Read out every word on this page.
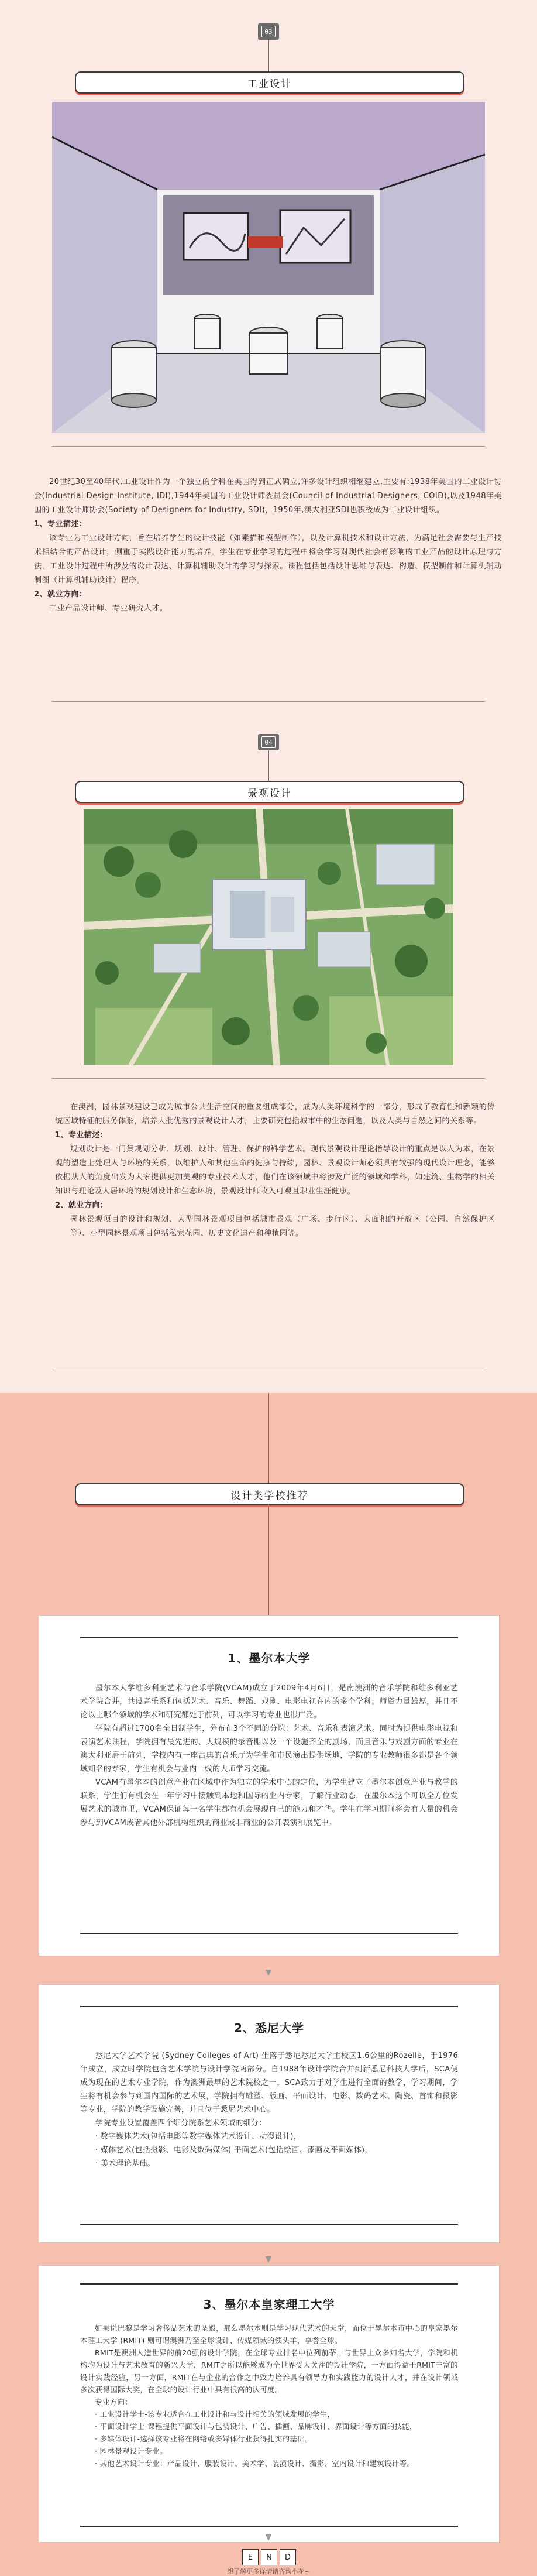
03
工业设计

20世纪30至40年代,工业设计作为一个独立的学科在美国得到正式确立,许多设计组织相继建立,主要有:1938年美国的工业设计协会(Industrial Design Institute, IDI),1944年美国的工业设计师委员会(Council of Industrial Designers, COID),以及1948年美国的工业设计师协会(Society of Designers for Industry, SDI)，1950年,澳大利亚SDI也积极成为工业设计组织。

1、专业描述：

该专业为工业设计方向，旨在培养学生的设计技能（如素描和模型制作），以及计算机技术和设计方法，为满足社会需要与生产技术相结合的产品设计，侧重于实践设计能力的培养。学生在专业学习的过程中将会学习对现代社会有影响的工业产品的设计原理与方法，工业设计过程中所涉及的设计表达、计算机辅助设计的学习与探索。课程包括包括设计思维与表达、构造、模型制作和计算机辅助制图（计算机辅助设计）程序。

2、就业方向：

工业产品设计师、专业研究人才。

04
景观设计

在澳洲，园林景观建设已成为城市公共生活空间的重要组成部分，成为人类环境科学的一部分，形成了教育性和新颖的传统区域特征的服务体系，培养大批优秀的景观设计人才，主要研究包括城市中的生态问题，以及人类与自然之间的关系等。

1、专业描述：

规划设计是一门集规划分析、规划、设计、管理、保护的科学艺术。现代景观设计理论指导设计的重点是以人为本，在景观的塑造上处理人与环境的关系，以维护人和其他生命的健康与持续，园林、景观设计师必须具有较强的现代设计理念，能够依据从人的角度出发为大家提供更加美观的专业技术人才，他们在该领域中将涉及广泛的领域和学科，如建筑、生物学的相关知识与理论及人居环境的规划设计和生态环境，景观设计师收入可观且职业生涯健康。

2、就业方向：

园林景观项目的设计和规划、大型园林景观项目包括城市景观（广场、步行区）、大面积的开放区（公园、自然保护区等）、小型园林景观项目包括私家花园、历史文化遗产和种植园等。

设计类学校推荐
1、墨尔本大学

墨尔本大学维多利亚艺术与音乐学院(VCAM)成立于2009年4月6日，是南澳洲的音乐学院和维多利亚艺术学院合并，共设音乐系和包括艺术、音乐、舞蹈、戏剧、电影电视在内的多个学科。师资力量雄厚，并且不论以上哪个领域的学术和研究都处于前列，可以学习的专业也很广泛。

学院有超过1700名全日制学生，分布在3个不同的分院：艺术、音乐和表演艺术。同时为提供电影电视和表演艺术课程，学院拥有最先进的、大规模的录音棚以及一个设施齐全的剧场，而且音乐与戏剧方面的专业在澳大利亚居于前列，学校内有一座古典的音乐厅为学生和市民演出提供场地，学院的专业教师很多都是各个领域知名的专家，学生有机会与业内一线的大师学习交流。

VCAM有墨尔本的创意产业在区域中作为独立的学术中心的定位，为学生建立了墨尔本创意产业与教学的联系，学生们有机会在一年学习中接触到本地和国际的业内专家，了解行业动态，在墨尔本这个可以全方位发展艺术的城市里，VCAM保证每一名学生都有机会展现自己的能力和才华。学生在学习期间将会有大量的机会参与到VCAM或者其他外部机构组织的商业或非商业的公开表演和展览中。

▼
2、悉尼大学

悉尼大学艺术学院 (Sydney Colleges of Art) 坐落于悉尼悉尼大学主校区1.6公里的Rozelle，于1976年成立，成立时学院包含艺术学院与设计学院两部分。自1988年设计学院合并到新悉尼科技大学后，SCA便成为现在的艺术专业学院，作为澳洲最早的艺术院校之一，SCA致力于对学生进行全面的教学，学习期间，学生将有机会参与到国内国际的艺术展，学院拥有雕塑、版画、平面设计、电影、数码艺术、陶瓷、首饰和摄影等专业，学院的教学设施完善，并且位于悉尼艺术中心。

学院专业设置覆盖四个细分院系艺术领域的细分：

· 数字媒体艺术(包括电影等数字媒体艺术设计、动漫设计)，

· 媒体艺术(包括摄影、电影及数码媒体) 平面艺术(包括绘画、漆画及平面媒体)，

· 美术理论基础。

▼
3、墨尔本皇家理工大学

如果说巴黎是学习奢侈品艺术的圣殿，那么墨尔本则是学习现代艺术的天堂，而位于墨尔本市中心的皇家墨尔本理工大学 (RMIT) 则可谓澳洲乃至全球设计、传媒领域的领头羊，享誉全球。

RMIT是澳洲人造世界的前20强的设计学院，在全球专业排名中位列前茅，与世界上众多知名大学，学院和机构均为设计与艺术教育的新兴大学，RMIT之所以能够成为全世界受人关注的设计学院，一方面得益于RMIT丰富的设计实践经验，另一方面，RMIT在与企业的合作之中致力培养具有领导力和实践能力的设计人才，并在设计领域多次获得国际大奖，在全球的设计行业中具有很高的认可度。

专业方向：

· 工业设计学士-该专业适合在工业设计和与设计相关的领域发展的学生，

· 平面设计学士-课程提供平面设计与包装设计、广告、插画、品牌设计、界面设计等方面的技能，

· 多媒体设计-选择该专业将在网络或多媒体行业获得扎实的基础。

· 园林景观设计专业。

· 其他艺术设计专业：产品设计、服装设计、美术学、装潢设计、摄影、室内设计和建筑设计等。

▼
E	N	D
想了解更多详情请咨询小花~
